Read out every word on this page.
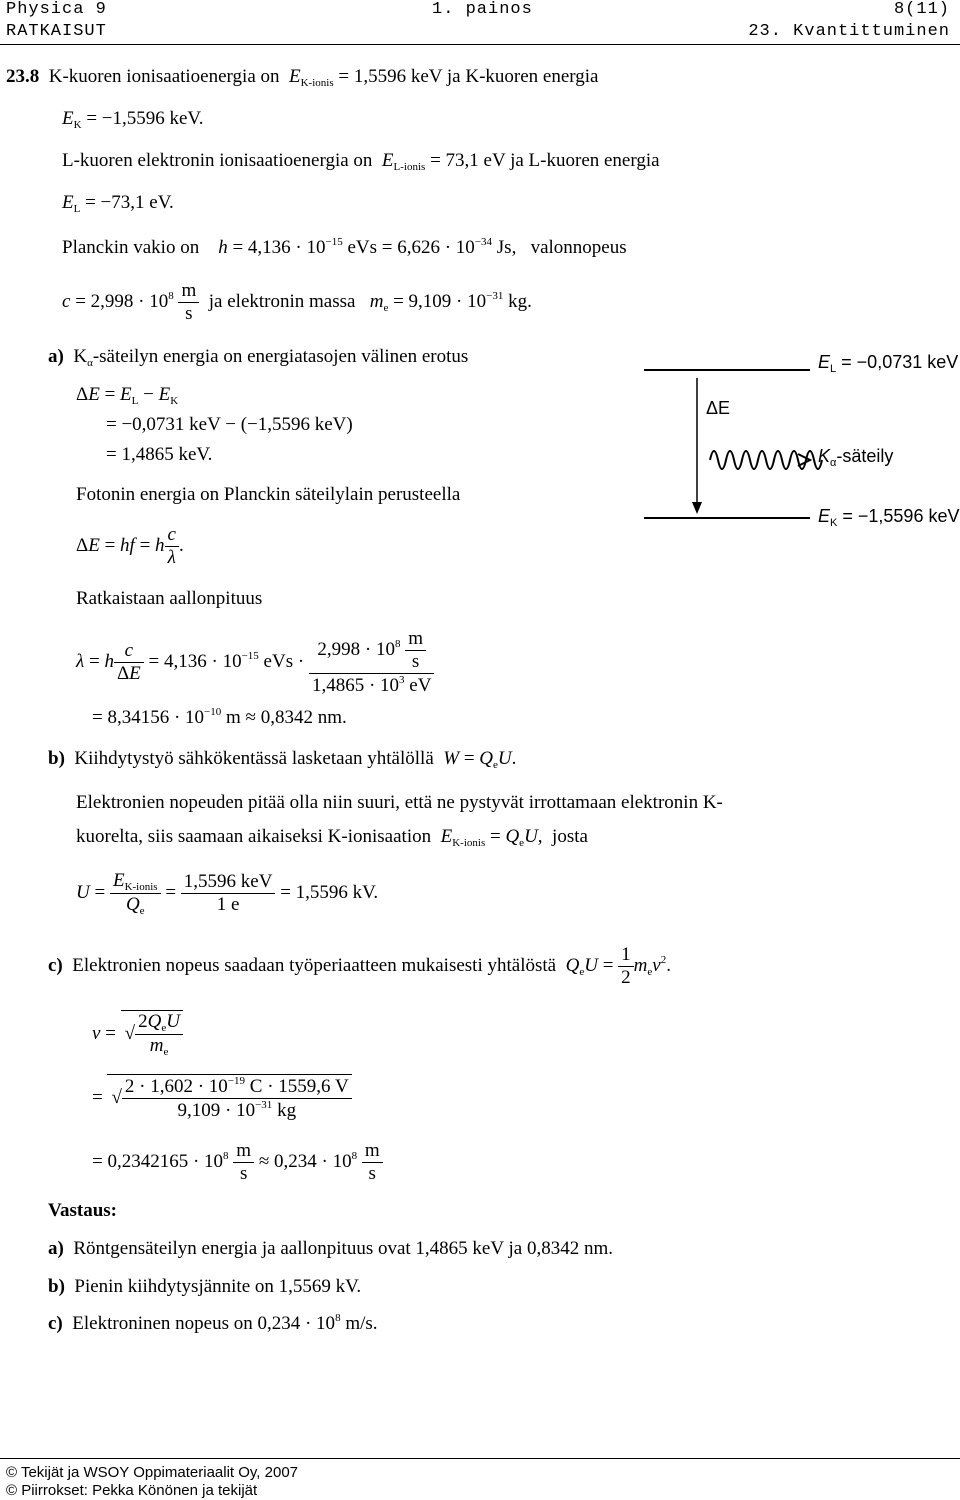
Physica 9	1. painos	8(11)
RATKAISUT	23. Kvantittuminen
23.8 K-kuoren ionisaatioenergia on $E_{K-ionis} = 1,5596$ keV ja K-kuoren energia
$E_K = -1,5596$ keV.
L-kuoren elektronin ionisaatioenergia on $E_{L-ionis} = 73,1$ eV ja L-kuoren energia
$E_L = -73,1$ eV.
Planckin vakio on $h = 4,136 \cdot 10^{-15}$ eVs = $6,626 \cdot 10^{-34}$ Js, valonnopeus
$c = 2,998 \cdot 10^8 \frac{m}{s}$ ja elektronin massa $m_e = 9,109 \cdot 10^{-31}$ kg.
$E_L = -0,0731$ keV
$E_K = -1,5596$ keV
ΔE
$K_\alpha$-säteily
a)  $K_\alpha$-säteilyn energia on energiatasojen välinen erotus
$\Delta E = E_L - E_K$
= −0,0731 keV − (−1,5596 keV)
= 1,4865 keV.
Fotonin energia on Planckin säteilylain perusteella
ΔE = hf = h $\frac{c}{\lambda}$ .
Ratkaistaan aallonpituus
λ = h $\frac{c}{\Delta E} = 4,136 \cdot 10^{-15}$ eVs · $\frac{2,998 \cdot 10^8 \frac{m}{s}}{1,4865 \cdot 10^3 eV}$
= $8,34156 \cdot 10^{-10}$ m ≈ 0,8342 nm.
b) Kiihdytystyö sähkökentässä lasketaan yhtälöllä $W = Q_eU$.
Elektronien nopeuden pitää olla niin suuri, että ne pystyvät irrottamaan elektronin K-
kuorelta, siis saamaan aikaiseksi K-ionisaation $E_{K-ionis} = Q_eU$, josta
$U = \frac{E_{K-ionis}}{Q_e} = \frac{\text{1,5596 keV}}{1 e} = 1,5596$ kV.
c) Elektronien nopeus saadaan työperiaatteen mukaisesti yhtälöstä $Q_eU = \frac{1}{2} m_ev^2$.
v = √ $\frac{2Q_eU}{m_e}$
= √ $\frac{2 \cdot 1,602 \cdot 10^{-19} C \cdot 1559,6 V}{9,109 \cdot 10^{-31} kg}$
= $0,2342165 \cdot 10^8 \frac{m}{s} \approx 0,234 \cdot 10^8 \frac{m}{s}$
Vastaus:
a) Röntgensäteilyn energia ja aallonpituus ovat 1,4865 keV ja 0,8342 nm.
b) Pienin kiihdytysjännite on 1,5569 kV.
c) Elektroninen nopeus on $0,234 \cdot 10^8$ m/s.
© Tekijät ja WSOY Oppimateriaalit Oy, 2007
© Piirrokset: Pekka Könönen ja tekijät
